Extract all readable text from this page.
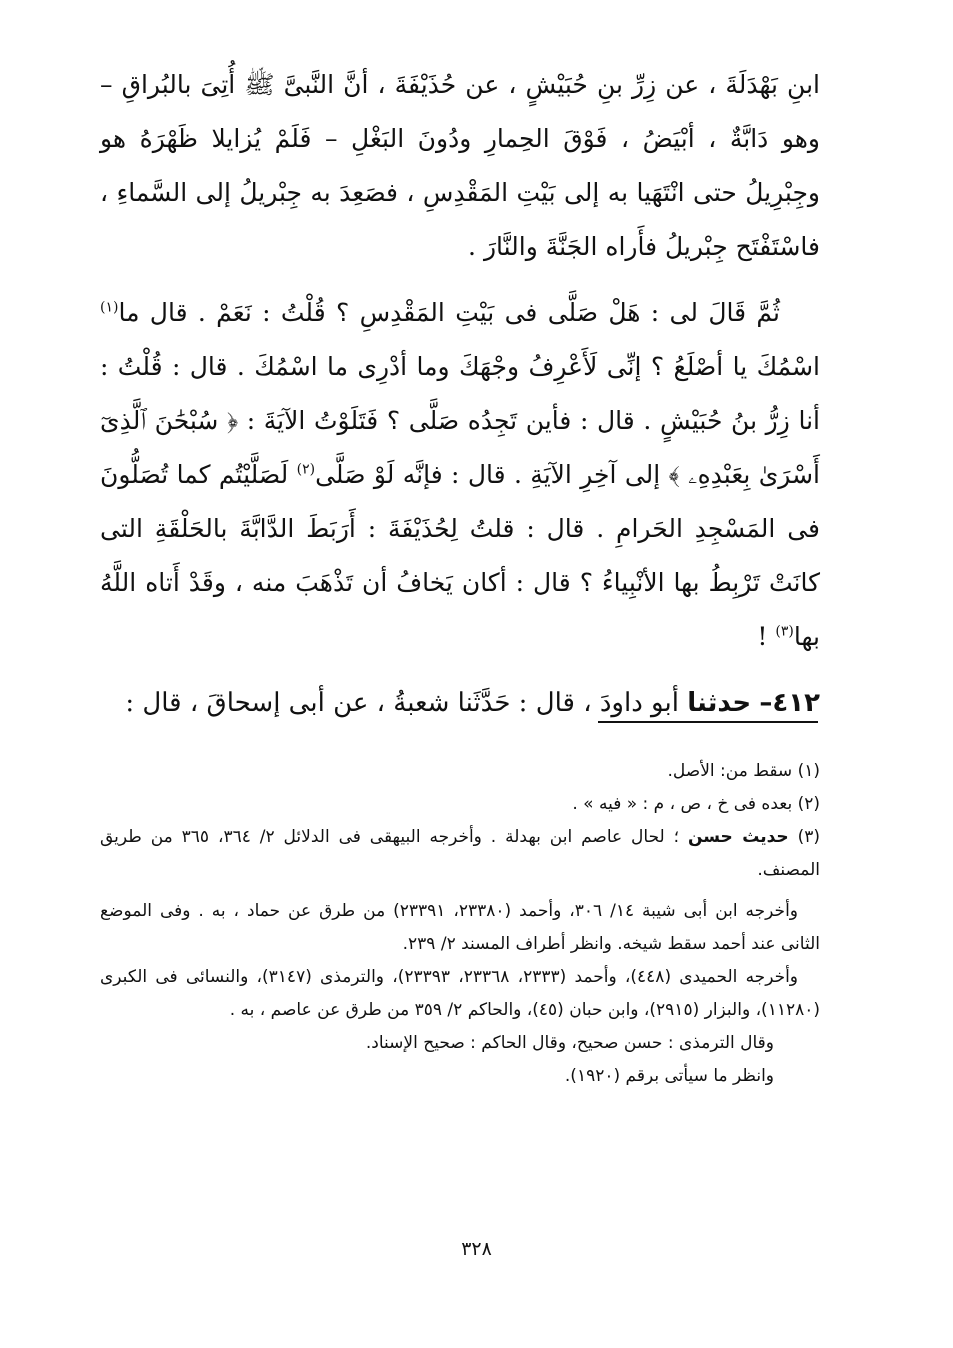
ابنِ بَهْدَلَةَ ، عن زِرِّ بنِ حُبَيْشٍ ، عن حُذَيْفَةَ ، أنَّ النَّبىَّ ﷺ أُتِىَ بالبُراقِ – وهو دَابَّةٌ ، أبْيَضُ ، فَوْقَ الحِمارِ ودُونَ البَغْلِ – فَلَمْ يُزايلا ظَهْرَهُ هو وجِبْرِيلُ حتى انْتَهَيا به إلى بَيْتِ المَقْدِسِ ، فصَعِدَ به جِبْريلُ إلى السَّماءِ ، فاسْتَفْتَح جِبْريلُ فأَراه الجَنَّةَ والنَّارَ .

ثُمَّ قَالَ لى : هَلْ صَلَّى فى بَيْتِ المَقْدِسِ ؟ قُلْتُ : نَعَمْ . قال ما$^{(١)}$ اسْمُكَ يا أصْلَعُ ؟ إنِّى لَأَعْرِفُ وجْهَكَ وما أدْرِى ما اسْمُكَ . قال : قُلْتُ : أنا زِرُّ بنُ حُبَيْشٍ . قال : فأين تَجِدُه صَلَّى ؟ فَتَلَوْتُ الآيَةَ : ﴿ سُبْحَٰنَ ٱلَّذِىٓ أَسْرَىٰ بِعَبْدِهِۦ ﴾ إلى آخِرِ الآيَةِ . قال : فإنَّه لَوْ صَلَّى$^{(٢)}$ لَصَلَّيْتُم كما تُصَلُّونَ فى المَسْجِدِ الحَرامِ . قال : قلتُ لِحُذَيْفَةَ : أَرَبَطَ الدَّابَّةَ بالحَلْقَةِ التى كانَتْ تَرْبِطُ بها الأنْبِياءُ ؟ قال : أكان يَخافُ أن تَذْهَبَ منه ، وقَدْ أَتاه اللَّهُ بها$^{(٣)}$ !

٤١٢– حدثنا أبو داودَ ، قال : حَدَّثَنا شعبةُ ، عن أبى إسحاقَ ، قال :

(١) سقط من: الأصل.

(٢) بعده فى خ ، ص ، م : « فيه » .

(٣) حديث حسن ؛ لحال عاصم ابن بهدلة . وأخرجه البيهقى فى الدلائل ٢/ ٣٦٤، ٣٦٥ من طريق المصنف.

وأخرجه ابن أبى شيبة ١٤/ ٣٠٦، وأحمد (٢٣٣٨٠، ٢٣٣٩١) من طرق عن حماد ، به . وفى الموضع الثانى عند أحمد سقط شيخه. وانظر أطراف المسند ٢/ ٢٣٩.

وأخرجه الحميدى (٤٤٨)، وأحمد (٢٣٣٣، ٢٣٣٦٨، ٢٣٣٩٣)، والترمذى (٣١٤٧)، والنسائى فى الكبرى (١١٢٨٠)، والبزار (٢٩١٥)، وابن حبان (٤٥)، والحاكم ٢/ ٣٥٩ من طرق عن عاصم ، به .

وقال الترمذى : حسن صحيح، وقال الحاكم : صحيح الإسناد.

وانظر ما سيأتى برقم (١٩٢٠).

٣٢٨
